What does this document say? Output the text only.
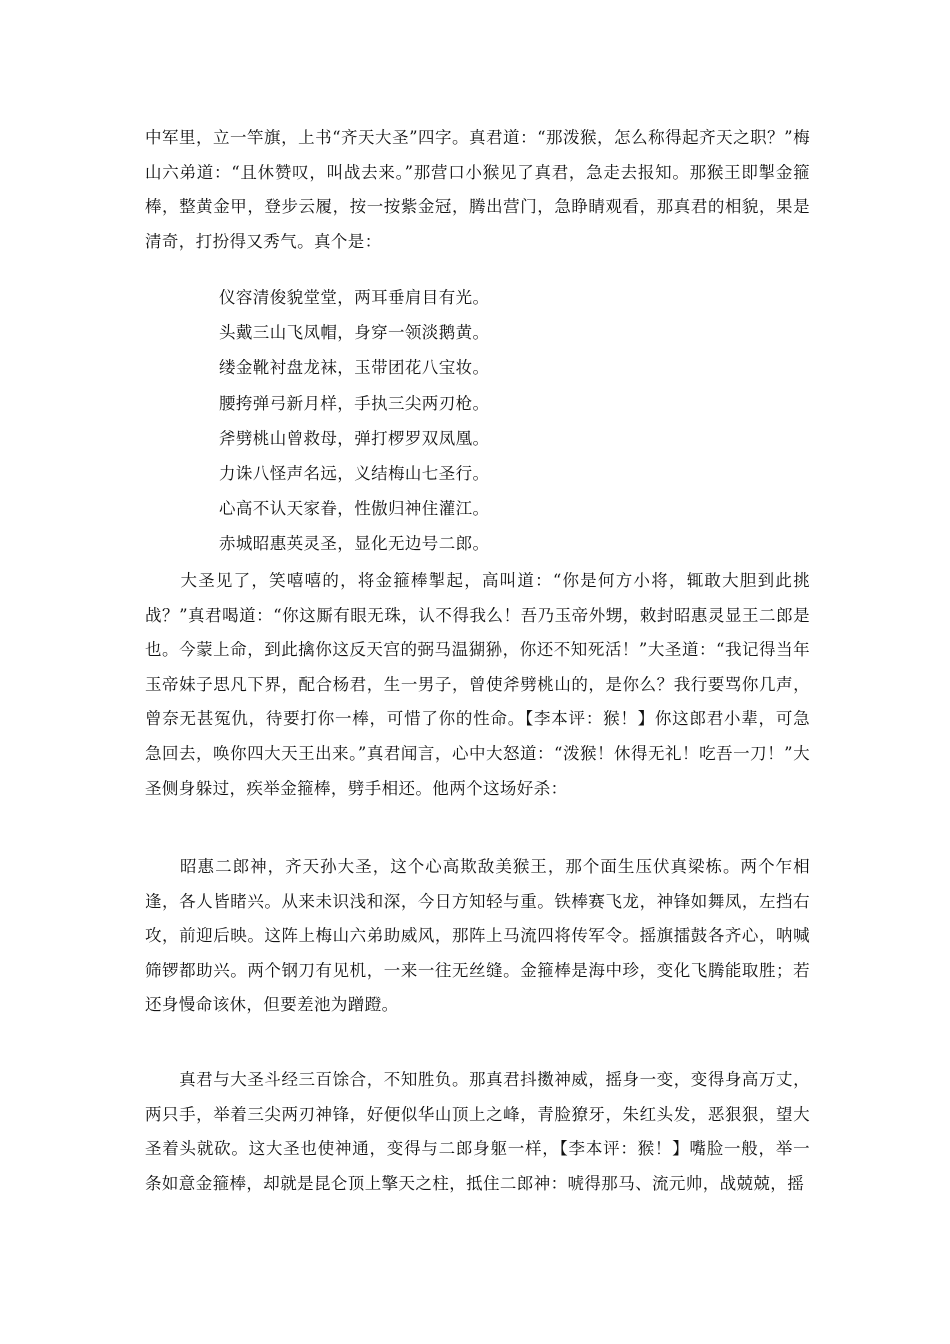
中军里，立一竿旗，上书“齐天大圣”四字。真君道：“那泼猴，怎么称得起齐天之职？”梅山六弟道：“且休赞叹，叫战去来。”那营口小猴见了真君，急走去报知。那猴王即掣金箍棒，整黄金甲，登步云履，按一按紫金冠，腾出营门，急睁睛观看，那真君的相貌，果是清奇，打扮得又秀气。真个是：

仪容清俊貌堂堂，两耳垂肩目有光。
头戴三山飞凤帽，身穿一领淡鹅黄。
缕金靴衬盘龙袜，玉带团花八宝妆。
腰挎弹弓新月样，手执三尖两刃枪。
斧劈桃山曾救母，弹打椤罗双凤凰。
力诛八怪声名远，义结梅山七圣行。
心高不认天家眷，性傲归神住灌江。
赤城昭惠英灵圣，显化无边号二郎。

　　大圣见了，笑嘻嘻的，将金箍棒掣起，高叫道：“你是何方小将，辄敢大胆到此挑战？”真君喝道：“你这厮有眼无珠，认不得我么！吾乃玉帝外甥，敕封昭惠灵显王二郎是也。今蒙上命，到此擒你这反天宫的弼马温猢狲，你还不知死活！”大圣道：“我记得当年玉帝妹子思凡下界，配合杨君，生一男子，曾使斧劈桃山的，是你么？我行要骂你几声，曾奈无甚冤仇，待要打你一棒，可惜了你的性命。【李本评：猴！】你这郎君小辈，可急急回去，唤你四大天王出来。”真君闻言，心中大怒道：“泼猴！休得无礼！吃吾一刀！”大圣侧身躲过，疾举金箍棒，劈手相还。他两个这场好杀：

　　昭惠二郎神，齐天孙大圣，这个心高欺敌美猴王，那个面生压伏真梁栋。两个乍相逢，各人皆睹兴。从来未识浅和深，今日方知轻与重。铁棒赛飞龙，神锋如舞凤，左挡右攻，前迎后映。这阵上梅山六弟助威风，那阵上马流四将传军令。摇旗擂鼓各齐心，呐喊筛锣都助兴。两个钢刀有见机，一来一往无丝缝。金箍棒是海中珍，变化飞腾能取胜；若还身慢命该休，但要差池为蹭蹬。

　　真君与大圣斗经三百馀合，不知胜负。那真君抖擞神威，摇身一变，变得身高万丈，两只手，举着三尖两刃神锋，好便似华山顶上之峰，青脸獠牙，朱红头发，恶狠狠，望大圣着头就砍。这大圣也使神通，变得与二郎身躯一样，【李本评：猴！】嘴脸一般，举一条如意金箍棒，却就是昆仑顶上擎天之柱，抵住二郎神：唬得那马、流元帅，战兢兢，摇
